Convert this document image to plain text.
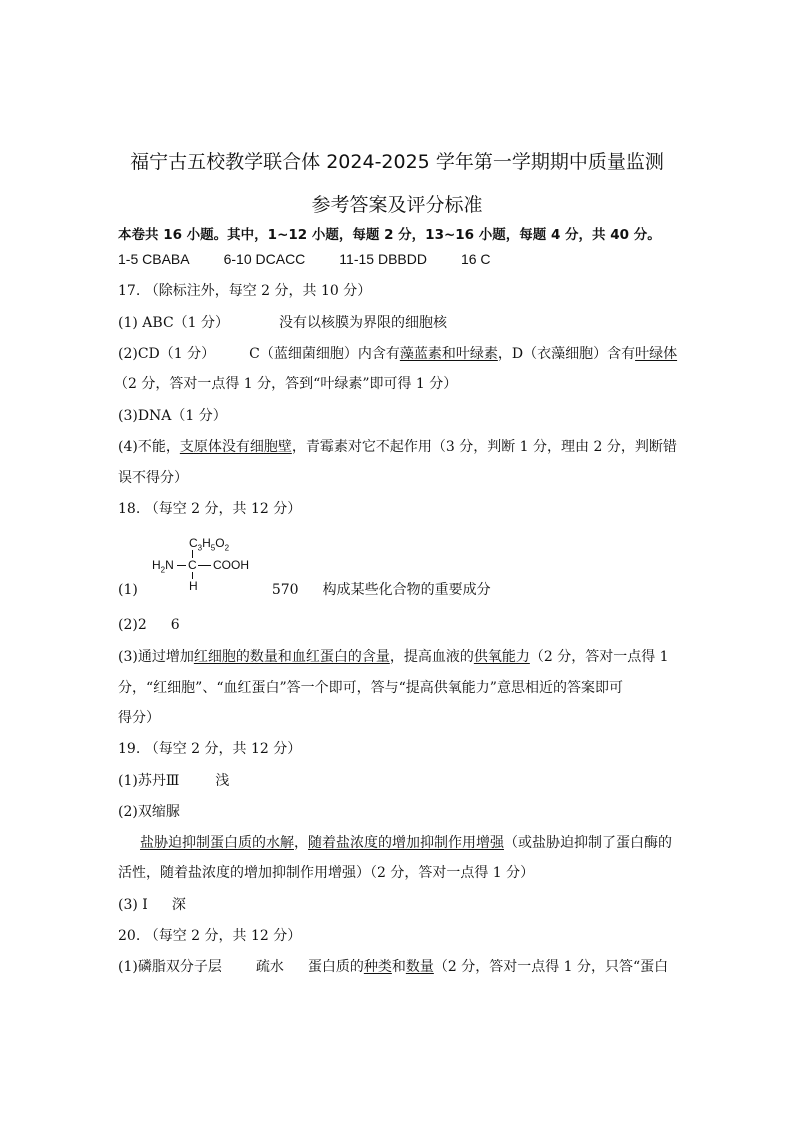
福宁古五校教学联合体 2024-2025 学年第一学期期中质量监测
参考答案及评分标准
本卷共 16 小题。其中，1~12 小题，每题 2 分，13~16 小题，每题 4 分，共 40 分。
1-5 CBABA 6-10 DCACC 11-15 DBBDD 16 C
17. （除标注外，每空 2 分，共 10 分）
(1) ABC（1 分）	没有以核膜为界限的细胞核
(2)CD（1 分） C（蓝细菌细胞）内含有藻蓝素和叶绿素，D（衣藻细胞）含有叶绿体
（2 分，答对一点得 1 分，答到“叶绿素”即可得 1 分）
(3)DNA（1 分）
(4)不能，支原体没有细胞壁，青霉素对它不起作用（3 分，判断 1 分，理由 2 分，判断错
误不得分）
18. （每空 2 分，共 12 分）
$C_3H_5O_2$
$H_2N$ C COOH
H
(1)	570 构成某些化合物的重要成分
(2)2 6
(3)通过增加红细胞的数量和血红蛋白的含量，提高血液的供氧能力（2 分，答对一点得 1
分，“红细胞”、“血红蛋白”答一个即可，答与“提高供氧能力”意思相近的答案即可
得分）
19. （每空 2 分，共 12 分）
(1)苏丹Ⅲ	浅
(2)双缩脲
盐胁迫抑制蛋白质的水解，随着盐浓度的增加抑制作用增强（或盐胁迫抑制了蛋白酶的
活性，随着盐浓度的增加抑制作用增强）（2 分，答对一点得 1 分）
(3) I 深
20. （每空 2 分，共 12 分）
(1)磷脂双分子层 疏水 蛋白质的种类和数量（2 分，答对一点得 1 分，只答“蛋白
